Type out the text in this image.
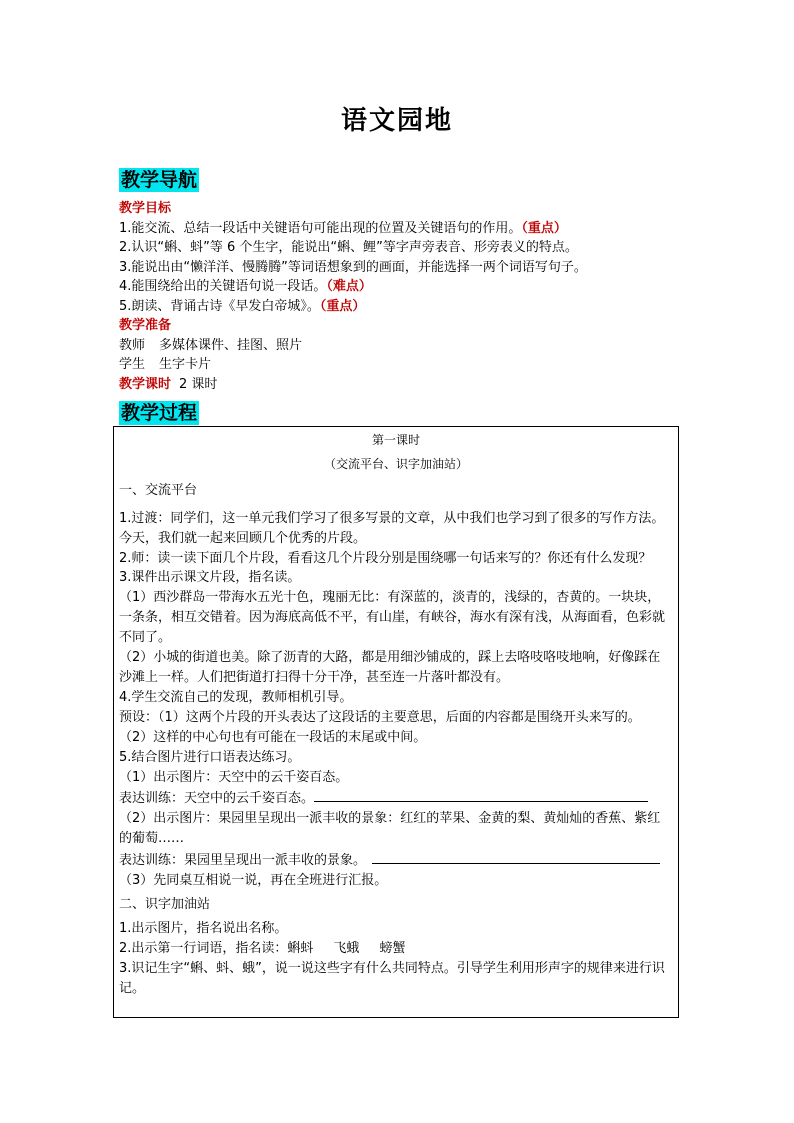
语文园地
教学导航
教学目标
1.能交流、总结一段话中关键语句可能出现的位置及关键语句的作用。（重点）
2.认识“蝌、蚪”等 6 个生字，能说出“蝌、鲤”等字声旁表音、形旁表义的特点。
3.能说出由“懒洋洋、慢腾腾”等词语想象到的画面，并能选择一两个词语写句子。
4.能围绕给出的关键语句说一段话。（难点）
5.朗读、背诵古诗《早发白帝城》。（重点）
教学准备
教师 多媒体课件、挂图、照片
学生 生字卡片
教学课时 2 课时
教学过程

第一课时

（交流平台、识字加油站）

一、交流平台

1.过渡：同学们，这一单元我们学习了很多写景的文章，从中我们也学习到了很多的写作方法。今天，我们就一起来回顾几个优秀的片段。

2.师：读一读下面几个片段，看看这几个片段分别是围绕哪一句话来写的？你还有什么发现？

3.课件出示课文片段，指名读。

（1）西沙群岛一带海水五光十色，瑰丽无比：有深蓝的，淡青的，浅绿的，杏黄的。一块块，一条条，相互交错着。因为海底高低不平，有山崖，有峡谷，海水有深有浅，从海面看，色彩就不同了。

（2）小城的街道也美。除了沥青的大路，都是用细沙铺成的，踩上去咯吱咯吱地响，好像踩在沙滩上一样。人们把街道打扫得十分干净，甚至连一片落叶都没有。

4.学生交流自己的发现，教师相机引导。

预设：（1）这两个片段的开头表达了这段话的主要意思，后面的内容都是围绕开头来写的。

（2）这样的中心句也有可能在一段话的末尾或中间。

5.结合图片进行口语表达练习。

（1）出示图片：天空中的云千姿百态。

表达训练：天空中的云千姿百态。

（2）出示图片：果园里呈现出一派丰收的景象：红红的苹果、金黄的梨、黄灿灿的香蕉、紫红的葡萄……

表达训练：果园里呈现出一派丰收的景象。

（3）先同桌互相说一说，再在全班进行汇报。

二、识字加油站

1.出示图片，指名说出名称。

2.出示第一行词语，指名读：蝌蚪 飞蛾 螃蟹

3.识记生字“蝌、蚪、蛾”，说一说这些字有什么共同特点。引导学生利用形声字的规律来进行识记。
